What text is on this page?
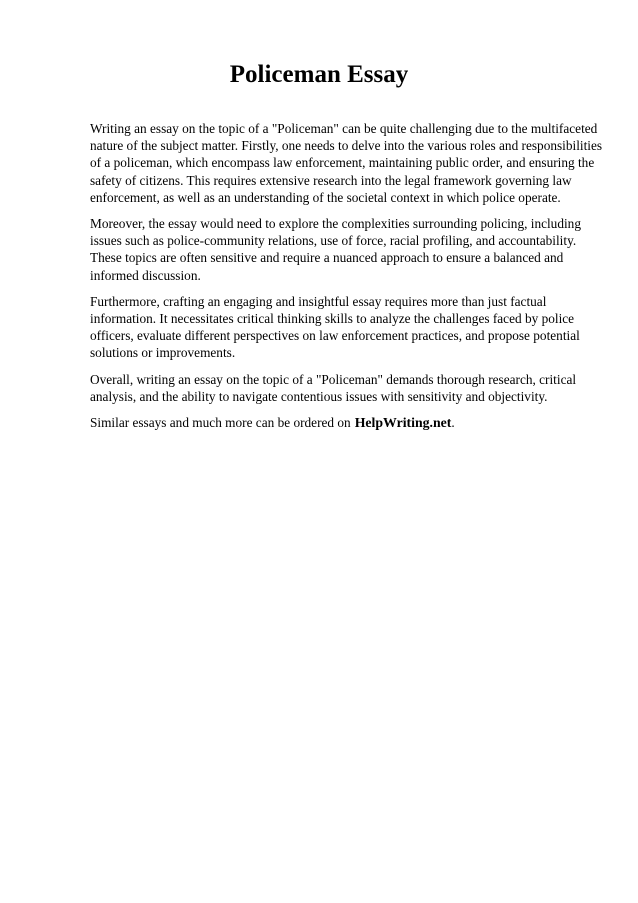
Policeman Essay

Writing an essay on the topic of a "Policeman" can be quite challenging due to the multifaceted nature of the subject matter. Firstly, one needs to delve into the various roles and responsibilities of a policeman, which encompass law enforcement, maintaining public order, and ensuring the safety of citizens. This requires extensive research into the legal framework governing law enforcement, as well as an understanding of the societal context in which police operate.

Moreover, the essay would need to explore the complexities surrounding policing, including issues such as police-community relations, use of force, racial profiling, and accountability. These topics are often sensitive and require a nuanced approach to ensure a balanced and informed discussion.

Furthermore, crafting an engaging and insightful essay requires more than just factual information. It necessitates critical thinking skills to analyze the challenges faced by police officers, evaluate different perspectives on law enforcement practices, and propose potential solutions or improvements.

Overall, writing an essay on the topic of a "Policeman" demands thorough research, critical analysis, and the ability to navigate contentious issues with sensitivity and objectivity.

Similar essays and much more can be ordered on HelpWriting.net.
